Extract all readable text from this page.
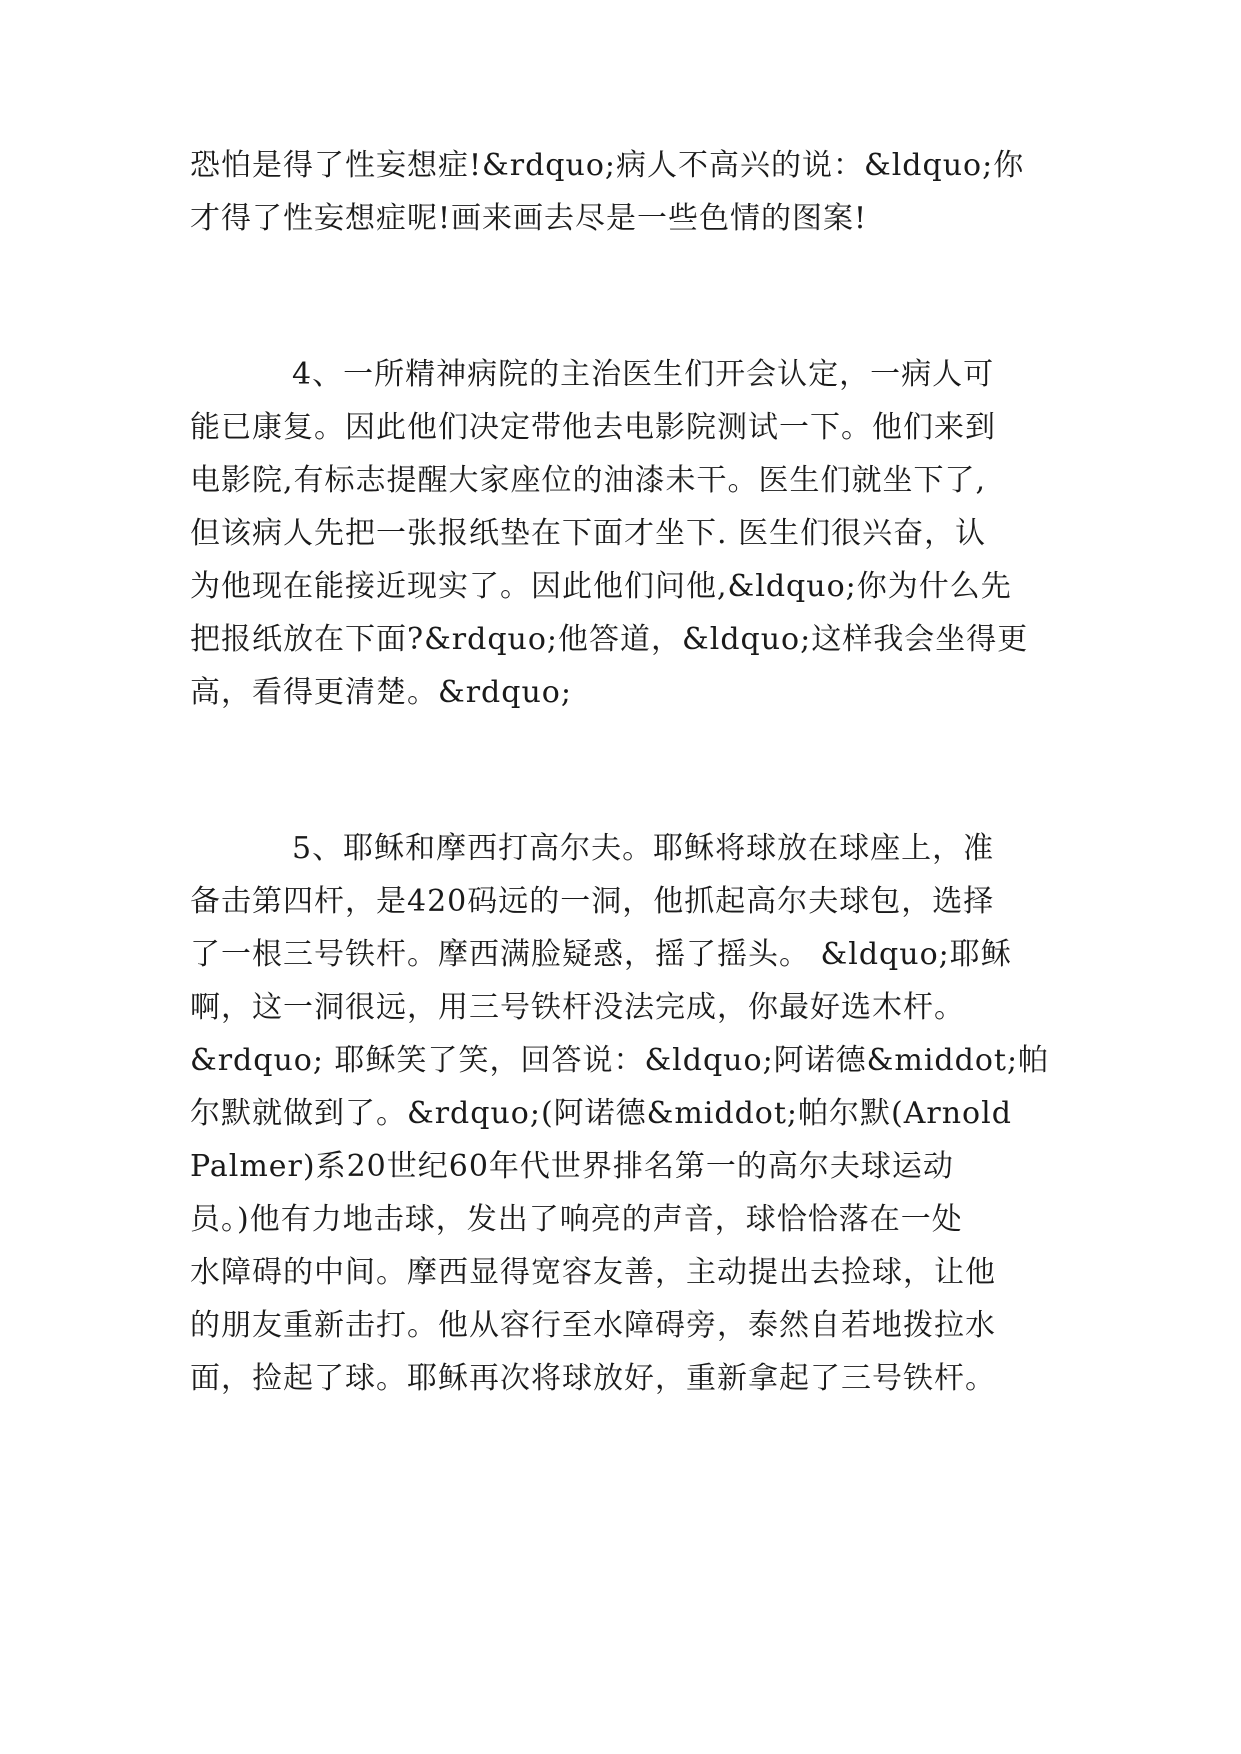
恐怕是得了性妄想症!&rdquo;病人不高兴的说：&ldquo;你
才得了性妄想症呢!画来画去尽是一些色情的图案!
4、一所精神病院的主治医生们开会认定，一病人可
能已康复。因此他们决定带他去电影院测试一下。他们来到
电影院,有标志提醒大家座位的油漆未干。医生们就坐下了,
但该病人先把一张报纸垫在下面才坐下. 医生们很兴奋，认
为他现在能接近现实了。因此他们问他,&ldquo;你为什么先
把报纸放在下面?&rdquo;他答道，&ldquo;这样我会坐得更
高，看得更清楚。&rdquo;
5、耶稣和摩西打高尔夫。耶稣将球放在球座上，准
备击第四杆，是420码远的一洞，他抓起高尔夫球包，选择
了一根三号铁杆。摩西满脸疑惑，摇了摇头。 &ldquo;耶稣
啊，这一洞很远，用三号铁杆没法完成，你最好选木杆。
&rdquo; 耶稣笑了笑，回答说：&ldquo;阿诺德&middot;帕
尔默就做到了。&rdquo;(阿诺德&middot;帕尔默(Arnold
Palmer)系20世纪60年代世界排名第一的高尔夫球运动
员。)他有力地击球，发出了响亮的声音，球恰恰落在一处
水障碍的中间。摩西显得宽容友善，主动提出去捡球，让他
的朋友重新击打。他从容行至水障碍旁，泰然自若地拨拉水
面，捡起了球。耶稣再次将球放好，重新拿起了三号铁杆。
